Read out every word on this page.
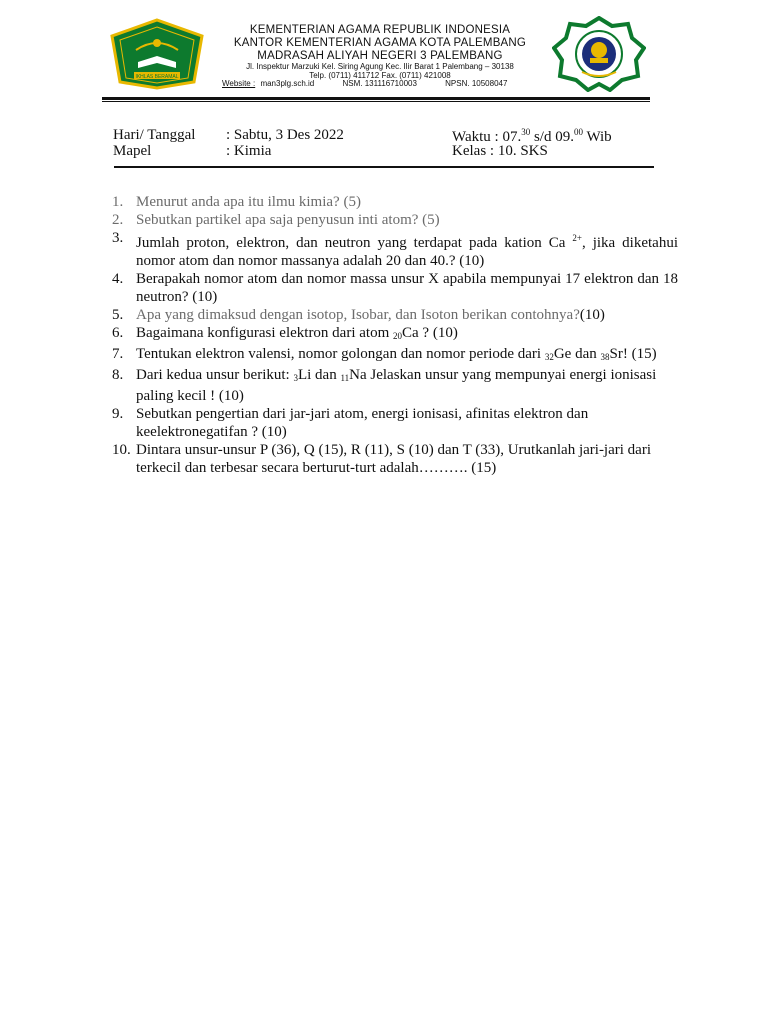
IKHLAS BERAMAL
KEMENTERIAN AGAMA REPUBLIK INDONESIA
KANTOR KEMENTERIAN AGAMA KOTA PALEMBANG
MADRASAH ALIYAH NEGERI 3 PALEMBANG
Jl. Inspektur Marzuki Kel. Siring Agung Kec. Ilir Barat 1 Palembang – 30138
Telp. (0711) 411712 Fax. (0711) 421008
Website : man3plg.sch.id	NSM. 131116710003	NPSN. 10508047
Hari/ Tanggal : Sabtu, 3 Des 2022
Mapel	: Kimia
Waktu : 07.30 s/d 09.00 Wib
Kelas : 10. SKS
1. Menurut anda apa itu ilmu kimia? (5)
2. Sebutkan partikel apa saja penyusun inti atom? (5)
3. Jumlah proton, elektron, dan neutron yang terdapat pada kation Ca $^{2+}$, jika diketahui nomor atom dan nomor massanya adalah 20 dan 40.? (10)
4. Berapakah nomor atom dan nomor massa unsur X apabila mempunyai 17 elektron dan 18 neutron? (10)
5. Apa yang dimaksud dengan isotop, Isobar, dan Isoton berikan contohnya?(10)
6. Bagaimana konfigurasi elektron dari atom $_{20}$Ca ? (10)
7. Tentukan elektron valensi, nomor golongan dan nomor periode dari $_{32}$Ge dan $_{38}$Sr! (15)
8. Dari kedua unsur berikut: $_3$Li dan $_{11}$Na Jelaskan unsur yang mempunyai energi ionisasi paling kecil ! (10)
9. Sebutkan pengertian dari jar-jari atom, energi ionisasi, afinitas elektron dan keelektronegatifan ? (10)
10. Dintara unsur-unsur P (36), Q (15), R (11), S (10) dan T (33), Urutkanlah jari-jari dari terkecil dan terbesar secara berturut-turt adalah………. (15)
